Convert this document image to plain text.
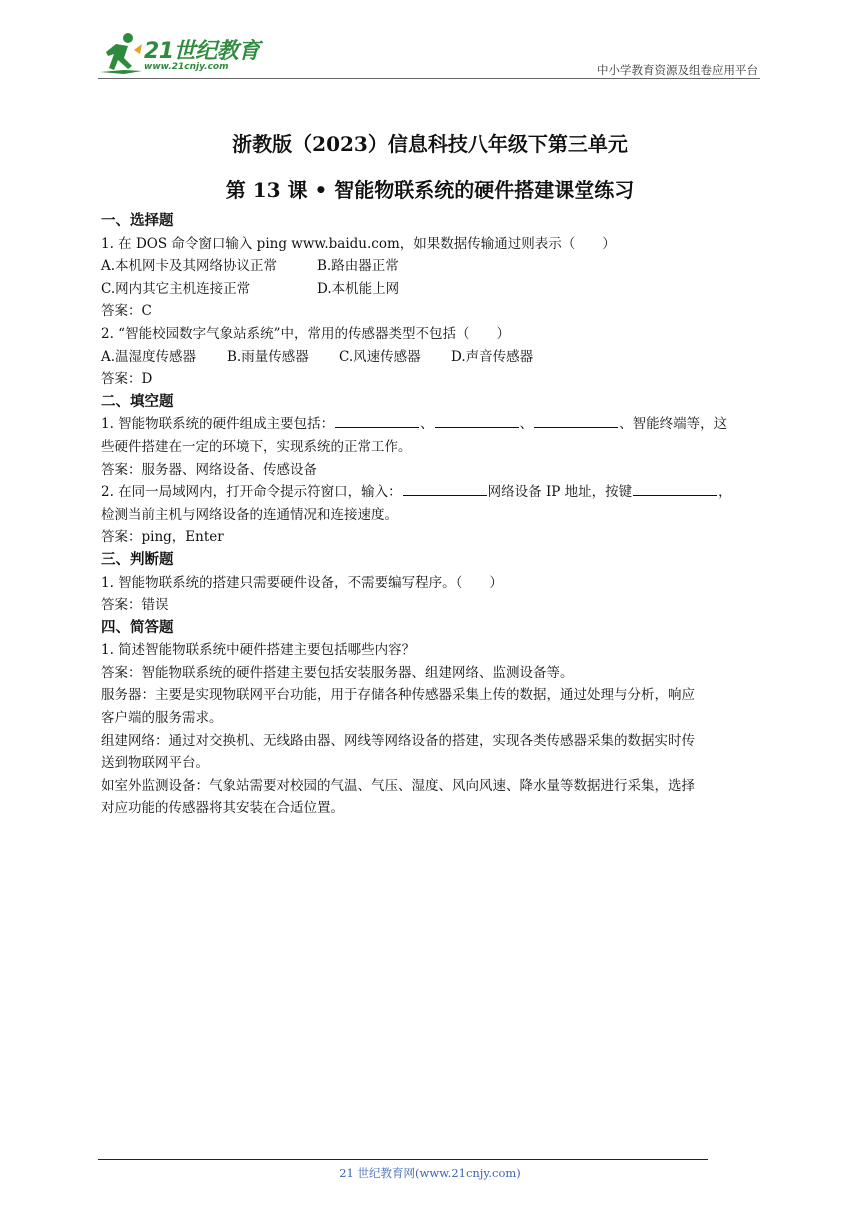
21世纪教育
www.21cnjy.com	中小学教育资源及组卷应用平台
浙教版（2023）信息科技八年级下第三单元
第 13 课 • 智能物联系统的硬件搭建课堂练习

一、选择题

1. 在 DOS 命令窗口输入 ping www.baidu.com，如果数据传输通过则表示（　　）

A.本机网卡及其网络协议正常	B.路由器正常

C.网内其它主机连接正常	D.本机能上网

答案：C

2. “智能校园数字气象站系统”中，常用的传感器类型不包括（　　）

A.温湿度传感器 B.雨量传感器 C.风速传感器 D.声音传感器

答案：D

二、填空题

1. 智能物联系统的硬件组成主要包括：	、	、	、智能终端等，这

些硬件搭建在一定的环境下，实现系统的正常工作。

答案：服务器、网络设备、传感设备

2. 在同一局域网内，打开命令提示符窗口，输入：	网络设备 IP 地址，按键	，

检测当前主机与网络设备的连通情况和连接速度。

答案：ping，Enter

三、判断题

1. 智能物联系统的搭建只需要硬件设备，不需要编写程序。（　　）

答案：错误

四、简答题

1. 简述智能物联系统中硬件搭建主要包括哪些内容？

答案：智能物联系统的硬件搭建主要包括安装服务器、组建网络、监测设备等。

服务器：主要是实现物联网平台功能，用于存储各种传感器采集上传的数据，通过处理与分析，响应

客户端的服务需求。

组建网络：通过对交换机、无线路由器、网线等网络设备的搭建，实现各类传感器采集的数据实时传

送到物联网平台。

如室外监测设备：气象站需要对校园的气温、气压、湿度、风向风速、降水量等数据进行采集，选择

对应功能的传感器将其安装在合适位置。

21 世纪教育网(www.21cnjy.com)
